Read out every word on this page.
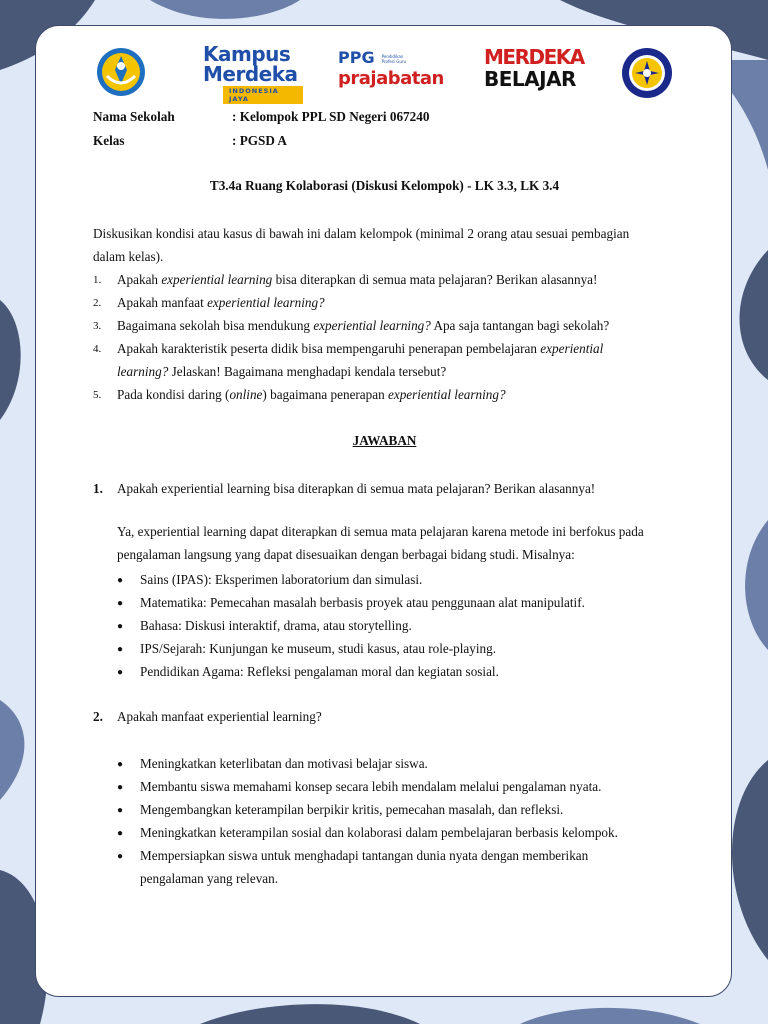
Kampus
Merdeka
INDONESIA JAYA
PPG Pendidikan Profesi Guru
prajabatan
MERDEKA
BELAJAR
Nama Sekolah	: Kelompok PPL SD Negeri 067240
Kelas	: PGSD A
T3.4a Ruang Kolaborasi (Diskusi Kelompok) - LK 3.3, LK 3.4
Diskusikan kondisi atau kasus di bawah ini dalam kelompok (minimal 2 orang atau sesuai pembagian
dalam kelas).
1. Apakah experiential learning bisa diterapkan di semua mata pelajaran? Berikan alasannya!
2. Apakah manfaat experiential learning?
3. Bagaimana sekolah bisa mendukung experiential learning? Apa saja tantangan bagi sekolah?
4. Apakah karakteristik peserta didik bisa mempengaruhi penerapan pembelajaran experiential
learning? Jelaskan! Bagaimana menghadapi kendala tersebut?
5. Pada kondisi daring (online) bagaimana penerapan experiential learning?
JAWABAN
1. Apakah experiential learning bisa diterapkan di semua mata pelajaran? Berikan alasannya!
Ya, experiential learning dapat diterapkan di semua mata pelajaran karena metode ini berfokus pada
pengalaman langsung yang dapat disesuaikan dengan berbagai bidang studi. Misalnya:
● Sains (IPAS): Eksperimen laboratorium dan simulasi.
● Matematika: Pemecahan masalah berbasis proyek atau penggunaan alat manipulatif.
● Bahasa: Diskusi interaktif, drama, atau storytelling.
● IPS/Sejarah: Kunjungan ke museum, studi kasus, atau role-playing.
● Pendidikan Agama: Refleksi pengalaman moral dan kegiatan sosial.
2. Apakah manfaat experiential learning?
● Meningkatkan keterlibatan dan motivasi belajar siswa.
● Membantu siswa memahami konsep secara lebih mendalam melalui pengalaman nyata.
● Mengembangkan keterampilan berpikir kritis, pemecahan masalah, dan refleksi.
● Meningkatkan keterampilan sosial dan kolaborasi dalam pembelajaran berbasis kelompok.
● Mempersiapkan siswa untuk menghadapi tantangan dunia nyata dengan memberikan
pengalaman yang relevan.
